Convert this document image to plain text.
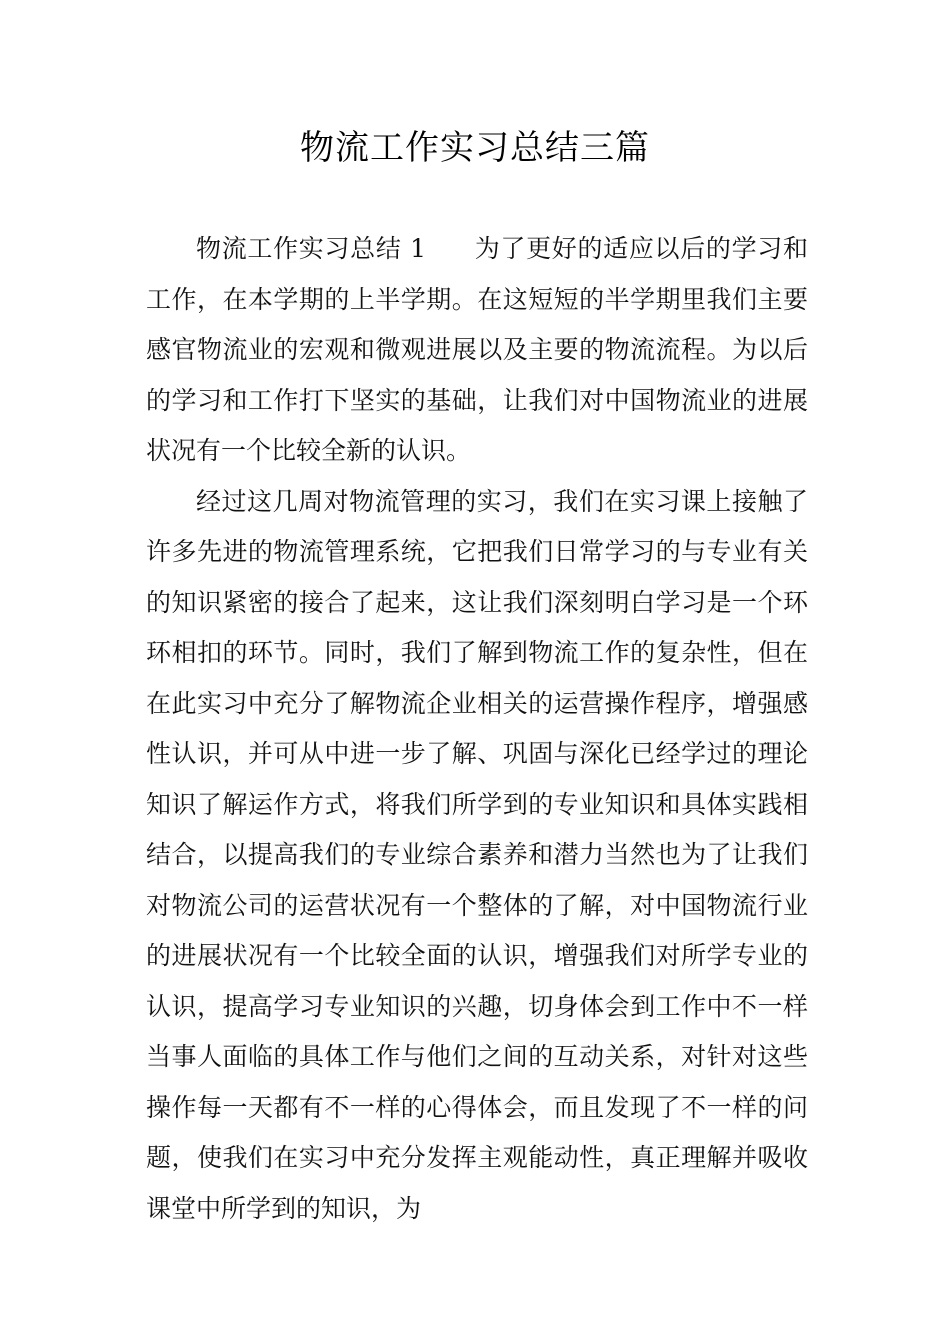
物流工作实习总结三篇

物流工作实习总结 1 为了更好的适应以后的学习和工作，在本学期的上半学期。在这短短的半学期里我们主要感官物流业的宏观和微观进展以及主要的物流流程。为以后的学习和工作打下坚实的基础，让我们对中国物流业的进展状况有一个比较全新的认识。

经过这几周对物流管理的实习，我们在实习课上接触了许多先进的物流管理系统，它把我们日常学习的与专业有关的知识紧密的接合了起来，这让我们深刻明白学习是一个环环相扣的环节。同时，我们了解到物流工作的复杂性，但在在此实习中充分了解物流企业相关的运营操作程序，增强感性认识，并可从中进一步了解、巩固与深化已经学过的理论知识了解运作方式，将我们所学到的专业知识和具体实践相结合，以提高我们的专业综合素养和潜力当然也为了让我们对物流公司的运营状况有一个整体的了解，对中国物流行业的进展状况有一个比较全面的认识，增强我们对所学专业的认识，提高学习专业知识的兴趣，切身体会到工作中不一样当事人面临的具体工作与他们之间的互动关系，对针对这些操作每一天都有不一样的心得体会，而且发现了不一样的问题，使我们在实习中充分发挥主观能动性，真正理解并吸收课堂中所学到的知识，为
